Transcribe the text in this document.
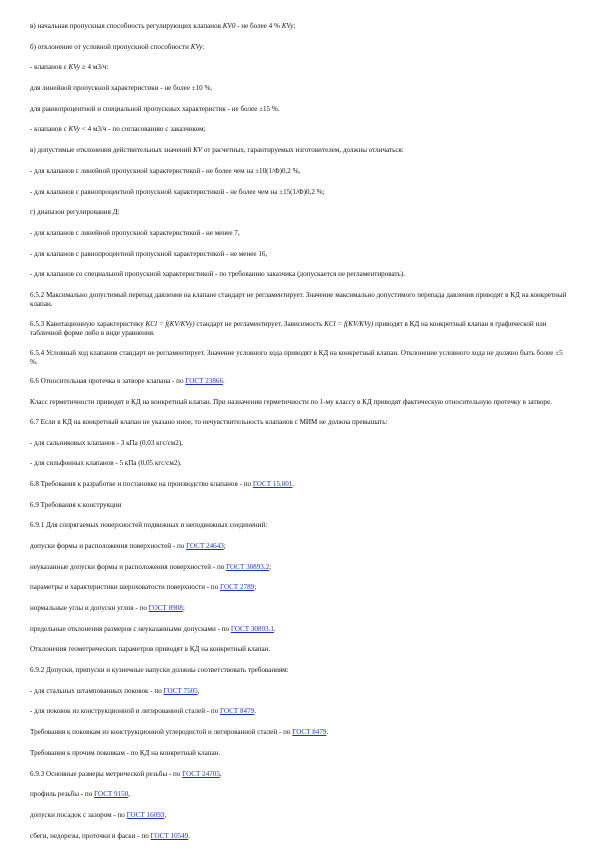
в) начальная пропускная способность регулирующих клапанов KV0 - не более 4 % KVy;

б) отклонение от условной пропускной способности KVy:

- клапанов с KVy ≥ 4 м3/ч:

для линейной пропускной характеристики - не более ±10 %,

для равнопроцентной и специальной пропускных характеристик - не более ±15 %.

- клапанов с KVy < 4 м3/ч - по согласованию с заказчиком;

в) допустимые отклонения действительных значений KV от расчетных, гарантируемых изготовителем, должны отличаться:

- для клапанов с линейной пропускной характеристикой - не более чем на ±10(1/Ф)0,2 %,

- для клапанов с равнопроцентной пропускной характеристикой - не более чем на ±15(1/Ф)0,2 %;

г) диапазон регулирования Д:

- для клапанов с линейной пропускной характеристикой - не менее 7,

- для клапанов с равнопроцентной пропускной характеристикой - не менее 16,

- для клапанов со специальной пропускной характеристикой - по требованию заказчика (допускается не регламентировать).

6.5.2 Максимально допустимый перепад давления на клапане стандарт не регламентирует. Значение максимально допустимого перепада давления приводят в КД на конкретный клапан.

6.5.3 Кавитационную характеристику KCl = f(KV/KVy) стандарт не регламентирует. Зависимость KCl = f(KV/KVy) приводят в КД на конкретный клапан в графической или табличной форме либо в виде уравнения.

6.5.4 Условный ход клапанов стандарт не регламентирует. Значение условного хода приводят в КД на конкретный клапан. Отклонение условного хода не должно быть более ±5 %.

6.6 Относительная протечка в затворе клапана - по ГОСТ 23866.

Класс герметичности приводят в КД на конкретный клапан. При назначении герметичности по 1-му классу в КД приводят фактическую относительную протечку в затворе.

6.7 Если в КД на конкретный клапан не указано иное, то нечувствительность клапанов с МИМ не должна превышать:

- для сальниковых клапанов - 3 кПа (0,03 кгс/см2),

- для сильфонных клапанов - 5 кПа (0,05 кгс/см2).

6.8 Требования к разработке и постановке на производство клапанов - по ГОСТ 15.001.

6.9 Требования к конструкции

6.9.1 Для сопрягаемых поверхностей подвижных и неподвижных соединений:

допуски формы и расположения поверхностей - по ГОСТ 24643;

неуказанные допуски формы и расположения поверхностей - по ГОСТ 30893.2;

параметры и характеристики шероховатости поверхности - по ГОСТ 2789;

нормальные углы и допуски углов - по ГОСТ 8908;

предельные отклонения размеров с неуказанными допусками - по ГОСТ 30893.1.

Отклонения геометрических параметров приводят в КД на конкретный клапан.

6.9.2 Допуски, припуски и кузнечные напуски должны соответствовать требованиям:

- для стальных штампованных поковок - по ГОСТ 7505,

- для поковок из конструкционной и легированной сталей - по ГОСТ 8479.

Требования к поковкам из конструкционной углеродистой и легированной сталей - по ГОСТ 8479.

Требования к прочим поковкам - по КД на конкретный клапан.

6.9.3 Основные размеры метрической резьбы - по ГОСТ 24705,

профиль резьбы - по ГОСТ 9150,

допуски посадок с зазором - по ГОСТ 16093,

сбеги, недорезы, проточки и фаски - по ГОСТ 10549.
